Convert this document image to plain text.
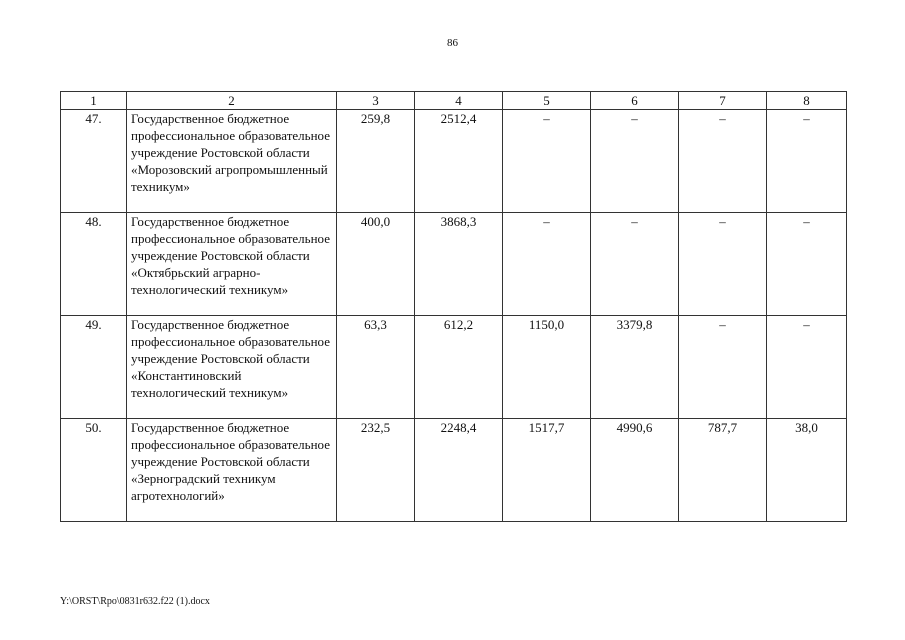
86
1	2	3	4	5	6	7	8
47.	Государственное бюджетное профессиональное образовательное учреждение Ростовской области «Морозовский агропромышленный техникум»	259,8	2512,4	–	–	–	–
48.	Государственное бюджетное профессиональное образовательное учреждение Ростовской области «Октябрьский аграрно-технологический техникум»	400,0	3868,3	–	–	–	–
49.	Государственное бюджетное профессиональное образовательное учреждение Ростовской области «Константиновский технологический техникум»	63,3	612,2	1150,0	3379,8	–	–
50.	Государственное бюджетное профессиональное образовательное учреждение Ростовской области «Зерноградский техникум агротехнологий»	232,5	2248,4	1517,7	4990,6	787,7	38,0
Y:\ORST\Rpo\0831r632.f22 (1).docx
